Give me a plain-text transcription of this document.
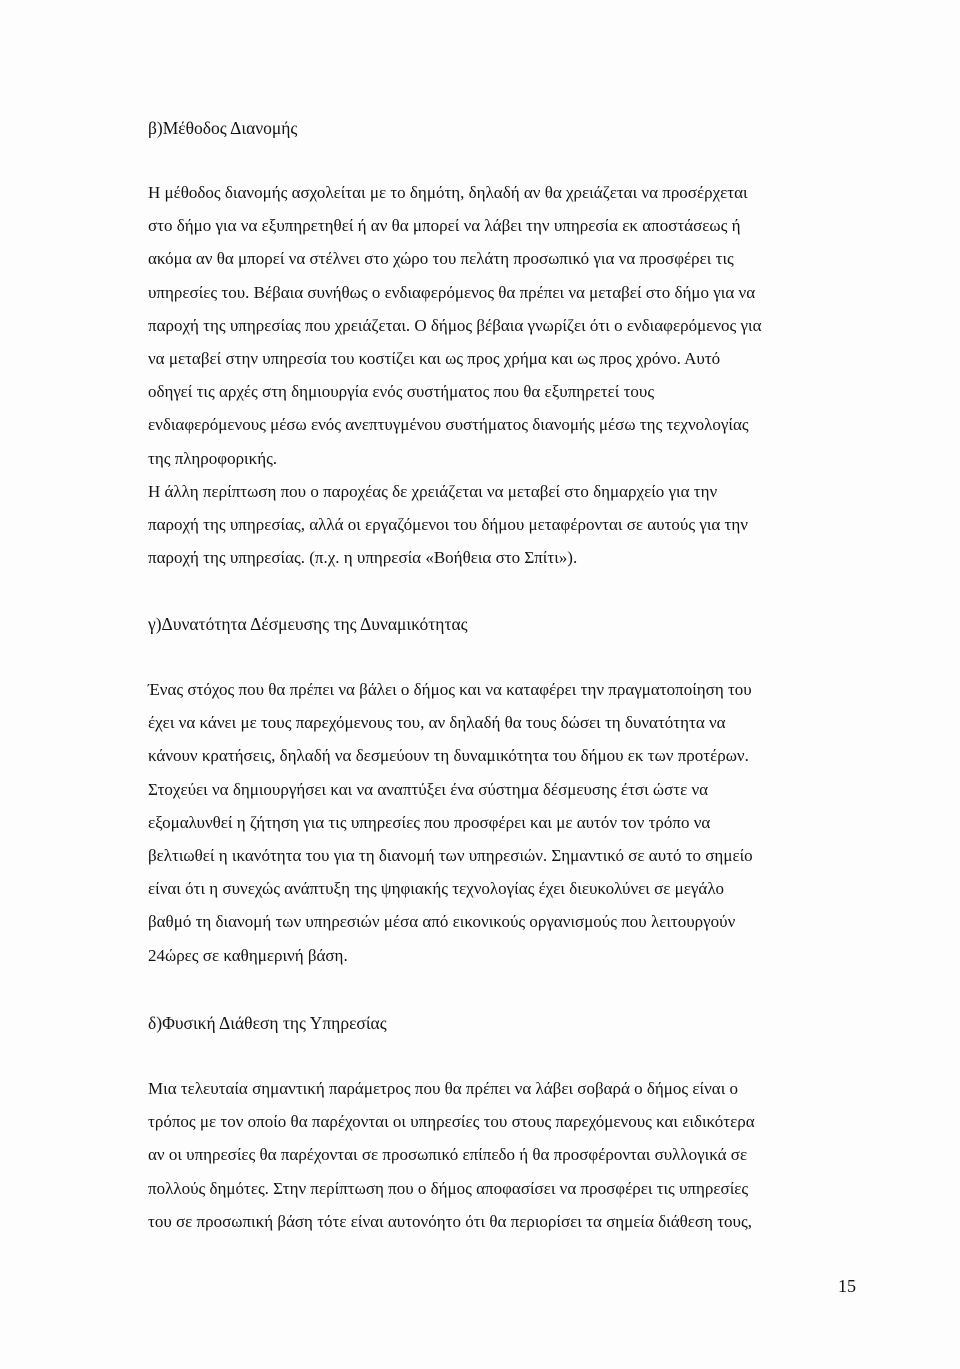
β)Μέθοδος Διανομής
Η μέθοδος διανομής ασχολείται με το δημότη, δηλαδή αν θα χρειάζεται να προσέρχεται
στο δήμο για να εξυπηρετηθεί ή αν θα μπορεί να λάβει την υπηρεσία εκ αποστάσεως ή
ακόμα αν θα μπορεί να στέλνει στο χώρο του πελάτη προσωπικό για να προσφέρει τις
υπηρεσίες του. Βέβαια συνήθως ο ενδιαφερόμενος θα πρέπει να μεταβεί στο δήμο για να
παροχή της υπηρεσίας που χρειάζεται. Ο δήμος βέβαια γνωρίζει ότι ο ενδιαφερόμενος για
να μεταβεί στην υπηρεσία του κοστίζει και ως προς χρήμα και ως προς χρόνο. Αυτό
οδηγεί τις αρχές στη δημιουργία ενός συστήματος που θα εξυπηρετεί τους
ενδιαφερόμενους μέσω ενός ανεπτυγμένου συστήματος διανομής μέσω της τεχνολογίας
της πληροφορικής.
Η άλλη περίπτωση που ο παροχέας δε χρειάζεται να μεταβεί στο δημαρχείο για την
παροχή της υπηρεσίας, αλλά οι εργαζόμενοι του δήμου μεταφέρονται σε αυτούς για την
παροχή της υπηρεσίας. (π.χ. η υπηρεσία «Βοήθεια στο Σπίτι»).
γ)Δυνατότητα Δέσμευσης της Δυναμικότητας
Ένας στόχος που θα πρέπει να βάλει ο δήμος και να καταφέρει την πραγματοποίηση του
έχει να κάνει με τους παρεχόμενους του, αν δηλαδή θα τους δώσει τη δυνατότητα να
κάνουν κρατήσεις, δηλαδή να δεσμεύουν τη δυναμικότητα του δήμου εκ των προτέρων.
Στοχεύει να δημιουργήσει και να αναπτύξει ένα σύστημα δέσμευσης έτσι ώστε να
εξομαλυνθεί η ζήτηση για τις υπηρεσίες που προσφέρει και με αυτόν τον τρόπο να
βελτιωθεί η ικανότητα του για τη διανομή των υπηρεσιών. Σημαντικό σε αυτό το σημείο
είναι ότι η συνεχώς ανάπτυξη της ψηφιακής τεχνολογίας έχει διευκολύνει σε μεγάλο
βαθμό τη διανομή των υπηρεσιών μέσα από εικονικούς οργανισμούς που λειτουργούν
24ώρες σε καθημερινή βάση.
δ)Φυσική Διάθεση της Υπηρεσίας
Μια τελευταία σημαντική παράμετρος που θα πρέπει να λάβει σοβαρά ο δήμος είναι ο
τρόπος με τον οποίο θα παρέχονται οι υπηρεσίες του στους παρεχόμενους και ειδικότερα
αν οι υπηρεσίες θα παρέχονται σε προσωπικό επίπεδο ή θα προσφέρονται συλλογικά σε
πολλούς δημότες. Στην περίπτωση που ο δήμος αποφασίσει να προσφέρει τις υπηρεσίες
του σε προσωπική βάση τότε είναι αυτονόητο ότι θα περιορίσει τα σημεία διάθεση τους,
15
